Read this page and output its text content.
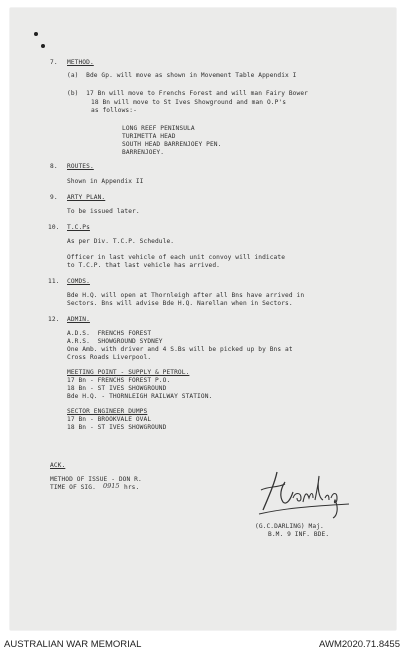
7. METHOD.
(a)  Bde Gp. will move as shown in Movement Table Appendix I
(b)  17 Bn will move to Frenchs Forest and will man Fairy Bower
18 Bn will move to St Ives Showground and man O.P's
as follows:-
LONG REEF PENINSULA
TURIMETTA HEAD
SOUTH HEAD BARRENJOEY PEN.
BARRENJOEY.
8. ROUTES.
Shown in Appendix II
9. ARTY PLAN.
To be issued later.
10. T.C.Ps
As per Div. T.C.P. Schedule.
Officer in last vehicle of each unit convoy will indicate
to T.C.P. that last vehicle has arrived.
11. COMDS.
Bde H.Q. will open at Thornleigh after all Bns have arrived in
Sectors. Bns will advise Bde H.Q. Narellan when in Sectors.
12. ADMIN.
A.D.S.  FRENCHS FOREST
A.R.S.  SHOWGROUND SYDNEY
One Amb. with driver and 4 S.Bs will be picked up by Bns at
Cross Roads Liverpool.
MEETING POINT - SUPPLY & PETROL.
17 Bn - FRENCHS FOREST P.O.
18 Bn - ST IVES SHOWGROUND
Bde H.Q. - THORNLEIGH RAILWAY STATION.
SECTOR ENGINEER DUMPS
17 Bn - BROOKVALE OVAL
18 Bn - ST IVES SHOWGROUND
ACK.
METHOD OF ISSUE - DON R.
TIME OF SIG. 0915 hrs.
(G.C.DARLING) Maj.
B.M. 9 INF. BDE.
AUSTRALIAN WAR MEMORIAL	AWM2020.71.8455
